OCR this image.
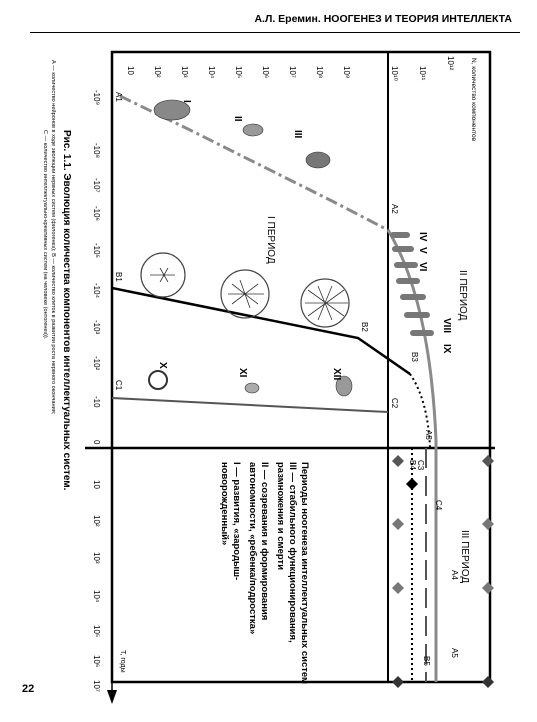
А.Л. Еремин. НООГЕНЕЗ И ТЕОРИЯ ИНТЕЛЛЕКТА
10 10² 10³ 10⁴ 10⁵ 10⁶ 10⁷ 10⁸ 10⁹	10¹⁰ 10¹¹
10¹² N, количество компонентов
-10⁹
-10⁸
-10⁷
-10⁶
-10⁵
-10⁴
-10³
-10²
-10
0
10
10²
10³
10⁴
10⁵
10⁶
10⁷
Т, годы
I
II
III
IV
V
VI
VIII
IX
X
XI	XII
I ПЕРИОД
II ПЕРИОД
III ПЕРИОД
A1
A2
A3
A4
A5
B1
B2
B3
B4
B5
C1
C2
C3
C4
Периоды ноогенеза интеллектуальных систем
III — стабильного функционирования,
размножения и смерти
II — созревания и формирования
автономности, «ребенка/подростка»
I — развития, «зародыш-
новорожденный»
Рис. 1.1. Эволюция количества компонентов интеллектуальных систем.
А — количество нейронов в ходе эволюции нервных систем (филогенез); В — количество клеток в развитии роста нервного окончания;
С — количество интеллектуально-креативных систем (на человеке (онтогенез)).
22
